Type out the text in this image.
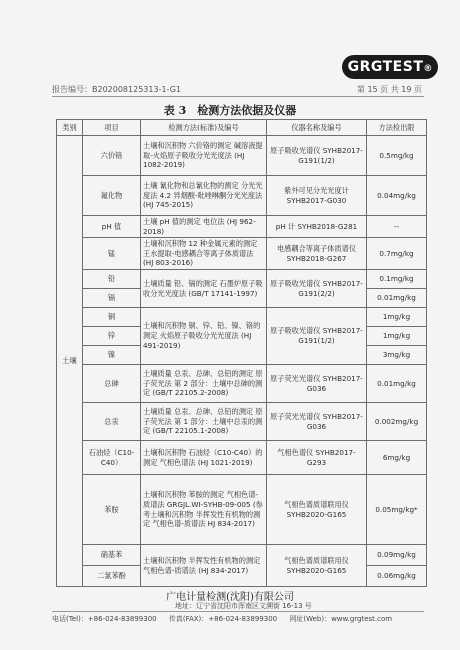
GRGTEST®
报告编号：B202008125313-1-G1	第 15 页 共 19 页
表 3　检测方法依据及仪器
类别	项目	检测方法(标准)及编号	仪器名称及编号	方法检出限
土壤	六价铬	土壤和沉积物 六价铬的测定 碱溶液提取-火焰原子吸收分光光度法 (HJ 1082-2019)	原子吸收光谱仪 SYHB2017-G191(1/2)	0.5mg/kg
	氟化物	土壤 氰化物和总氰化物的测定 分光光度法 4.2 异烟酸-吡唑啉酮分光光度法 (HJ 745-2015)	紫外可见分光光度计 SYHB2017-G030	0.04mg/kg
	pH 值	土壤 pH 值的测定 电位法 (HJ 962-2018)	pH 计 SYHB2018-G281	--
	锰	土壤和沉积物 12 种金属元素的测定 王水提取-电感耦合等离子体质谱法 (HJ 803-2016)	电感耦合等离子体质谱仪 SYHB2018-G267	0.7mg/kg
	铅	土壤质量 铅、镉的测定 石墨炉原子吸收分光光度法 (GB/T 17141-1997)	原子吸收光谱仪 SYHB2017-G191(2/2)	0.1mg/kg
	镉			0.01mg/kg
	铜	土壤和沉积物 铜、锌、铅、镍、铬的测定 火焰原子吸收分光光度法 (HJ 491-2019)	原子吸收光谱仪 SYHB2017-G191(1/2)	1mg/kg
	锌			1mg/kg
	镍			3mg/kg
	总砷	土壤质量 总汞、总砷、总铅的测定 原子荧光法 第 2 部分：土壤中总砷的测定 (GB/T 22105.2-2008)	原子荧光光谱仪 SYHB2017-G036	0.01mg/kg
	总汞	土壤质量 总汞、总砷、总铅的测定 原子荧光法 第 1 部分：土壤中总汞的测定 (GB/T 22105.1-2008)	原子荧光光谱仪 SYHB2017-G036	0.002mg/kg
	石油烃（C10-C40）	土壤和沉积物 石油烃（C10-C40）的测定 气相色谱法 (HJ 1021-2019)	气相色谱仪 SYHB2017-G293	6mg/kg
	苯胺	土壤和沉积物 苯胺的测定 气相色谱-质谱法 GRGJL.WI-SYHB-09-005 (参考土壤和沉积物 半挥发性有机物的测定 气相色谱-质谱法 HJ 834-2017)	气相色谱质谱联用仪 SYHB2020-G165	0.05mg/kg*
	硝基苯	土壤和沉积物 半挥发性有机物的测定 气相色谱-质谱法 (HJ 834-2017)	气相色谱质谱联用仪 SYHB2020-G165	0.09mg/kg
	二氯苯酚			0.06mg/kg
广电计量检测(沈阳)有限公司
地址：辽宁省沈阳市浑南区文溯街 16-13 号
电话(Tel)：+86-024-83899300 传真(FAX)：+86-024-83899300 网址(Web)：www.grgtest.com
